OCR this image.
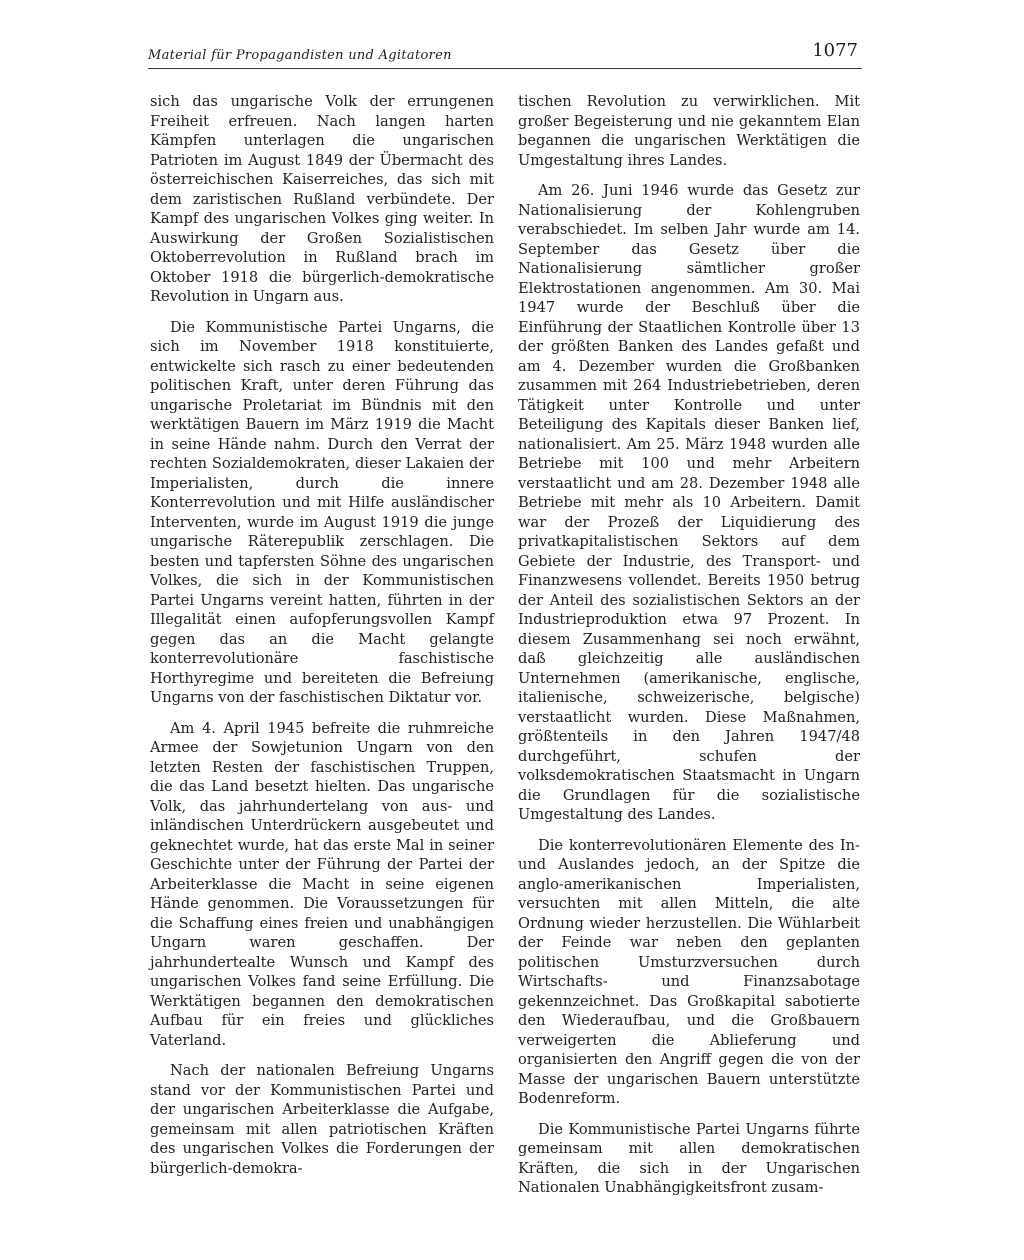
Material für Propagandisten und Agitatoren	1077

sich das ungarische Volk der errungenen Freiheit erfreuen. Nach langen harten Kämpfen unterlagen die ungarischen Patrioten im August 1849 der Übermacht des österreichischen Kaiserreiches, das sich mit dem zaristischen Rußland verbündete. Der Kampf des ungarischen Volkes ging weiter. In Auswirkung der Großen Sozialistischen Oktoberrevolution in Rußland brach im Oktober 1918 die bürgerlich-demokratische Revolution in Ungarn aus.

Die Kommunistische Partei Ungarns, die sich im November 1918 konstituierte, entwickelte sich rasch zu einer bedeutenden politischen Kraft, unter deren Führung das ungarische Proletariat im Bündnis mit den werktätigen Bauern im März 1919 die Macht in seine Hände nahm. Durch den Verrat der rechten Sozialdemokraten, dieser Lakaien der Imperialisten, durch die innere Konterrevolution und mit Hilfe ausländischer Interventen, wurde im August 1919 die junge ungarische Räterepublik zerschlagen. Die besten und tapfersten Söhne des ungarischen Volkes, die sich in der Kommunistischen Partei Ungarns vereint hatten, führten in der Illegalität einen aufopferungsvollen Kampf gegen das an die Macht gelangte konterrevolutionäre faschistische Horthyregime und bereiteten die Befreiung Ungarns von der faschistischen Diktatur vor.

Am 4. April 1945 befreite die ruhmreiche Armee der Sowjetunion Ungarn von den letzten Resten der faschistischen Truppen, die das Land besetzt hielten. Das ungarische Volk, das jahrhundertelang von aus- und inländischen Unterdrückern ausgebeutet und geknechtet wurde, hat das erste Mal in seiner Geschichte unter der Führung der Partei der Arbeiterklasse die Macht in seine eigenen Hände genommen. Die Voraussetzungen für die Schaffung eines freien und unabhängigen Ungarn waren geschaffen. Der jahrhundertealte Wunsch und Kampf des ungarischen Volkes fand seine Erfüllung. Die Werktätigen begannen den demokratischen Aufbau für ein freies und glückliches Vaterland.

Nach der nationalen Befreiung Ungarns stand vor der Kommunistischen Partei und der ungarischen Arbeiterklasse die Aufgabe, gemeinsam mit allen patriotischen Kräften des ungarischen Volkes die Forderungen der bürgerlich-demokra-

tischen Revolution zu verwirklichen. Mit großer Begeisterung und nie gekanntem Elan begannen die ungarischen Werktätigen die Umgestaltung ihres Landes.

Am 26. Juni 1946 wurde das Gesetz zur Nationalisierung der Kohlengruben verabschiedet. Im selben Jahr wurde am 14. September das Gesetz über die Nationalisierung sämtlicher großer Elektrostationen angenommen. Am 30. Mai 1947 wurde der Beschluß über die Einführung der Staatlichen Kontrolle über 13 der größten Banken des Landes gefaßt und am 4. Dezember wurden die Großbanken zusammen mit 264 Industriebetrieben, deren Tätigkeit unter Kontrolle und unter Beteiligung des Kapitals dieser Banken lief, nationalisiert. Am 25. März 1948 wurden alle Betriebe mit 100 und mehr Arbeitern verstaatlicht und am 28. Dezember 1948 alle Betriebe mit mehr als 10 Arbeitern. Damit war der Prozeß der Liquidierung des privatkapitalistischen Sektors auf dem Gebiete der Industrie, des Transport- und Finanzwesens vollendet. Bereits 1950 betrug der Anteil des sozialistischen Sektors an der Industrieproduktion etwa 97 Prozent. In diesem Zusammenhang sei noch erwähnt, daß gleichzeitig alle ausländischen Unternehmen (amerikanische, englische, italienische, schweizerische, belgische) verstaatlicht wurden. Diese Maßnahmen, größtenteils in den Jahren 1947/48 durchgeführt, schufen der volksdemokratischen Staatsmacht in Ungarn die Grundlagen für die sozialistische Umgestaltung des Landes.

Die konterrevolutionären Elemente des In- und Auslandes jedoch, an der Spitze die anglo-amerikanischen Imperialisten, versuchten mit allen Mitteln, die alte Ordnung wieder herzustellen. Die Wühlarbeit der Feinde war neben den geplanten politischen Umsturzversuchen durch Wirtschafts- und Finanzsabotage gekennzeichnet. Das Großkapital sabotierte den Wiederaufbau, und die Großbauern verweigerten die Ablieferung und organisierten den Angriff gegen die von der Masse der ungarischen Bauern unterstützte Bodenreform.

Die Kommunistische Partei Ungarns führte gemeinsam mit allen demokratischen Kräften, die sich in der Ungarischen Nationalen Unabhängigkeitsfront zusam-
